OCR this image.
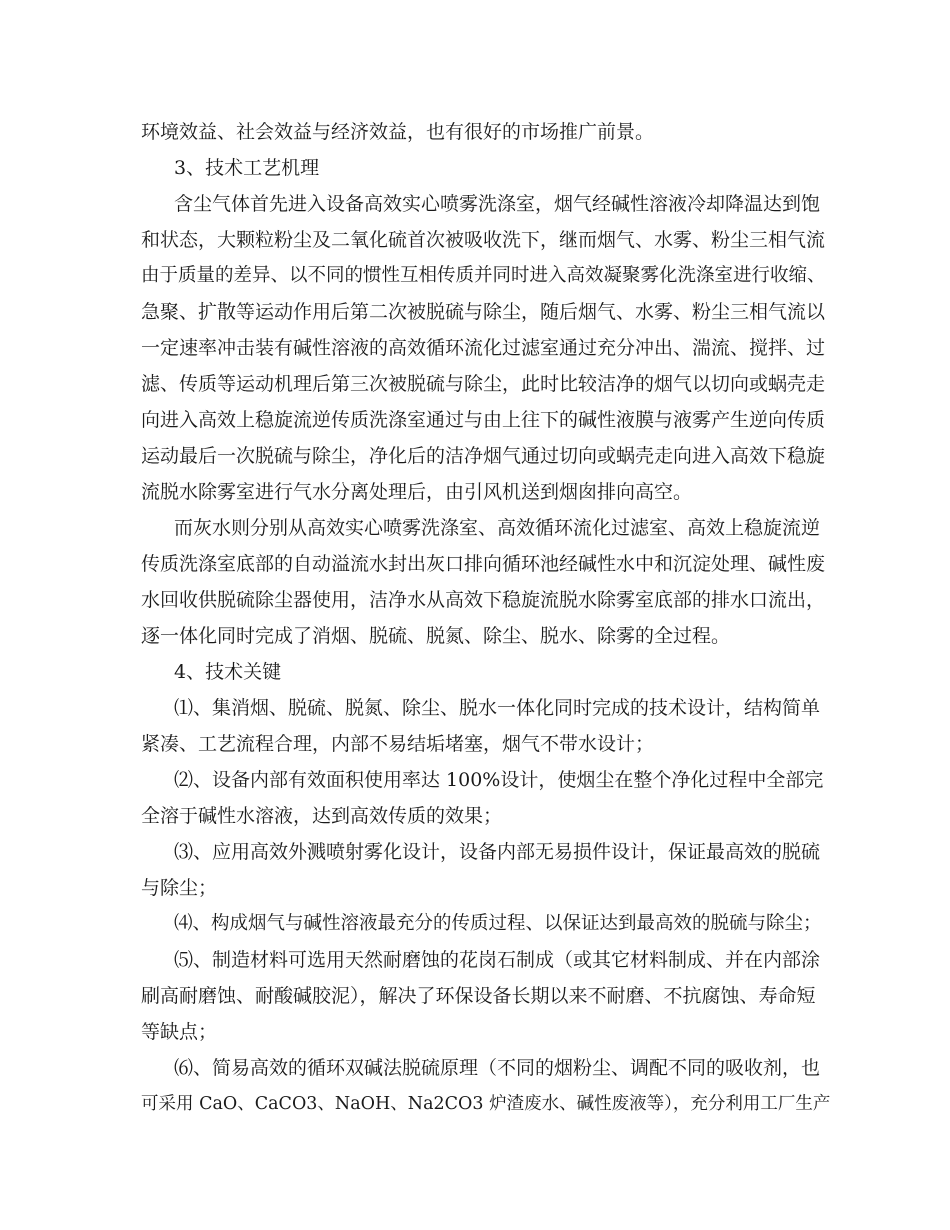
环境效益、社会效益与经济效益，也有很好的市场推广前景。
3、技术工艺机理
含尘气体首先进入设备高效实心喷雾洗涤室，烟气经碱性溶液冷却降温达到饱
和状态，大颗粒粉尘及二氧化硫首次被吸收洗下，继而烟气、水雾、粉尘三相气流
由于质量的差异、以不同的惯性互相传质并同时进入高效凝聚雾化洗涤室进行收缩、
急聚、扩散等运动作用后第二次被脱硫与除尘，随后烟气、水雾、粉尘三相气流以
一定速率冲击装有碱性溶液的高效循环流化过滤室通过充分冲出、湍流、搅拌、过
滤、传质等运动机理后第三次被脱硫与除尘，此时比较洁净的烟气以切向或蜗壳走
向进入高效上稳旋流逆传质洗涤室通过与由上往下的碱性液膜与液雾产生逆向传质
运动最后一次脱硫与除尘，净化后的洁净烟气通过切向或蜗壳走向进入高效下稳旋
流脱水除雾室进行气水分离处理后，由引风机送到烟囱排向高空。
而灰水则分别从高效实心喷雾洗涤室、高效循环流化过滤室、高效上稳旋流逆
传质洗涤室底部的自动溢流水封出灰口排向循环池经碱性水中和沉淀处理、碱性废
水回收供脱硫除尘器使用，洁净水从高效下稳旋流脱水除雾室底部的排水口流出，
逐一体化同时完成了消烟、脱硫、脱氮、除尘、脱水、除雾的全过程。
4、技术关键
⑴、集消烟、脱硫、脱氮、除尘、脱水一体化同时完成的技术设计，结构简单
紧凑、工艺流程合理，内部不易结垢堵塞，烟气不带水设计；
⑵、设备内部有效面积使用率达 100%设计，使烟尘在整个净化过程中全部完
全溶于碱性水溶液，达到高效传质的效果；
⑶、应用高效外溅喷射雾化设计，设备内部无易损件设计，保证最高效的脱硫
与除尘；
⑷、构成烟气与碱性溶液最充分的传质过程、以保证达到最高效的脱硫与除尘；
⑸、制造材料可选用天然耐磨蚀的花岗石制成（或其它材料制成、并在内部涂
刷高耐磨蚀、耐酸碱胶泥），解决了环保设备长期以来不耐磨、不抗腐蚀、寿命短
等缺点；
⑹、简易高效的循环双碱法脱硫原理（不同的烟粉尘、调配不同的吸收剂，也
可采用 CaO、CaCO3、NaOH、Na2CO3 炉渣废水、碱性废液等），充分利用工厂生产
